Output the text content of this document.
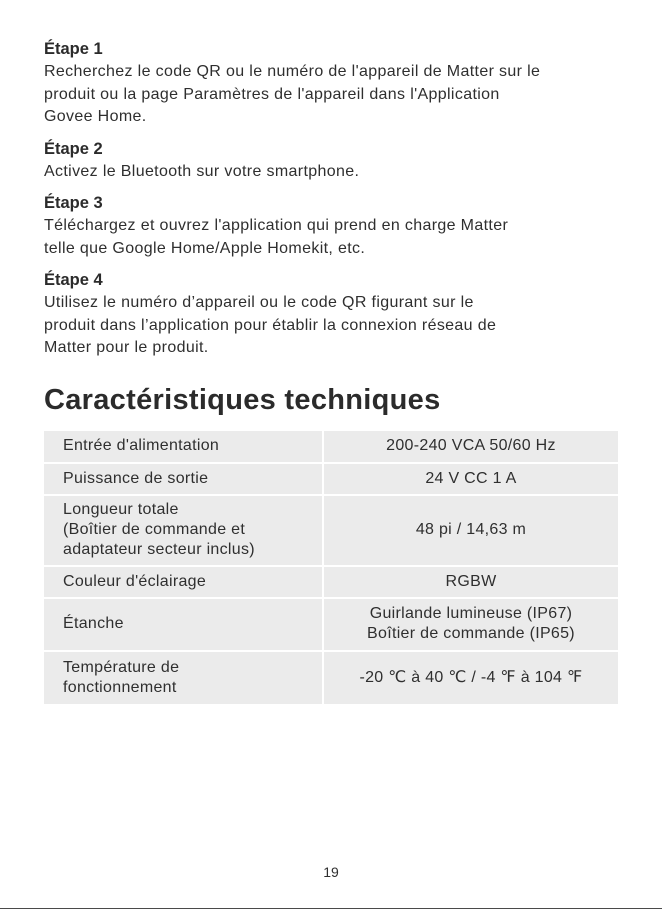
Étape 1

Recherchez le code QR ou le numéro de l'appareil de Matter sur le

produit ou la page Paramètres de l'appareil dans l'Application

Govee Home.

Étape 2

Activez le Bluetooth sur votre smartphone.

Étape 3

Téléchargez et ouvrez l'application qui prend en charge Matter

telle que Google Home/Apple Homekit, etc.

Étape 4

Utilisez le numéro d’appareil ou le code QR figurant sur le

produit dans l’application pour établir la connexion réseau de

Matter pour le produit.

Caractéristiques techniques
Entrée d'alimentation	200-240 VCA 50/60 Hz

Puissance de sortie	24 V CC 1 A

Longueur totale
(Boîtier de commande et
adaptateur secteur inclus)	48 pi / 14,63 m

Couleur d'éclairage	RGBW

Étanche	Guirlande lumineuse (IP67)
Boîtier de commande (IP65)

Température de
fonctionnement	-20 ℃ à 40 ℃ / -4 ℉ à 104 ℉
19
